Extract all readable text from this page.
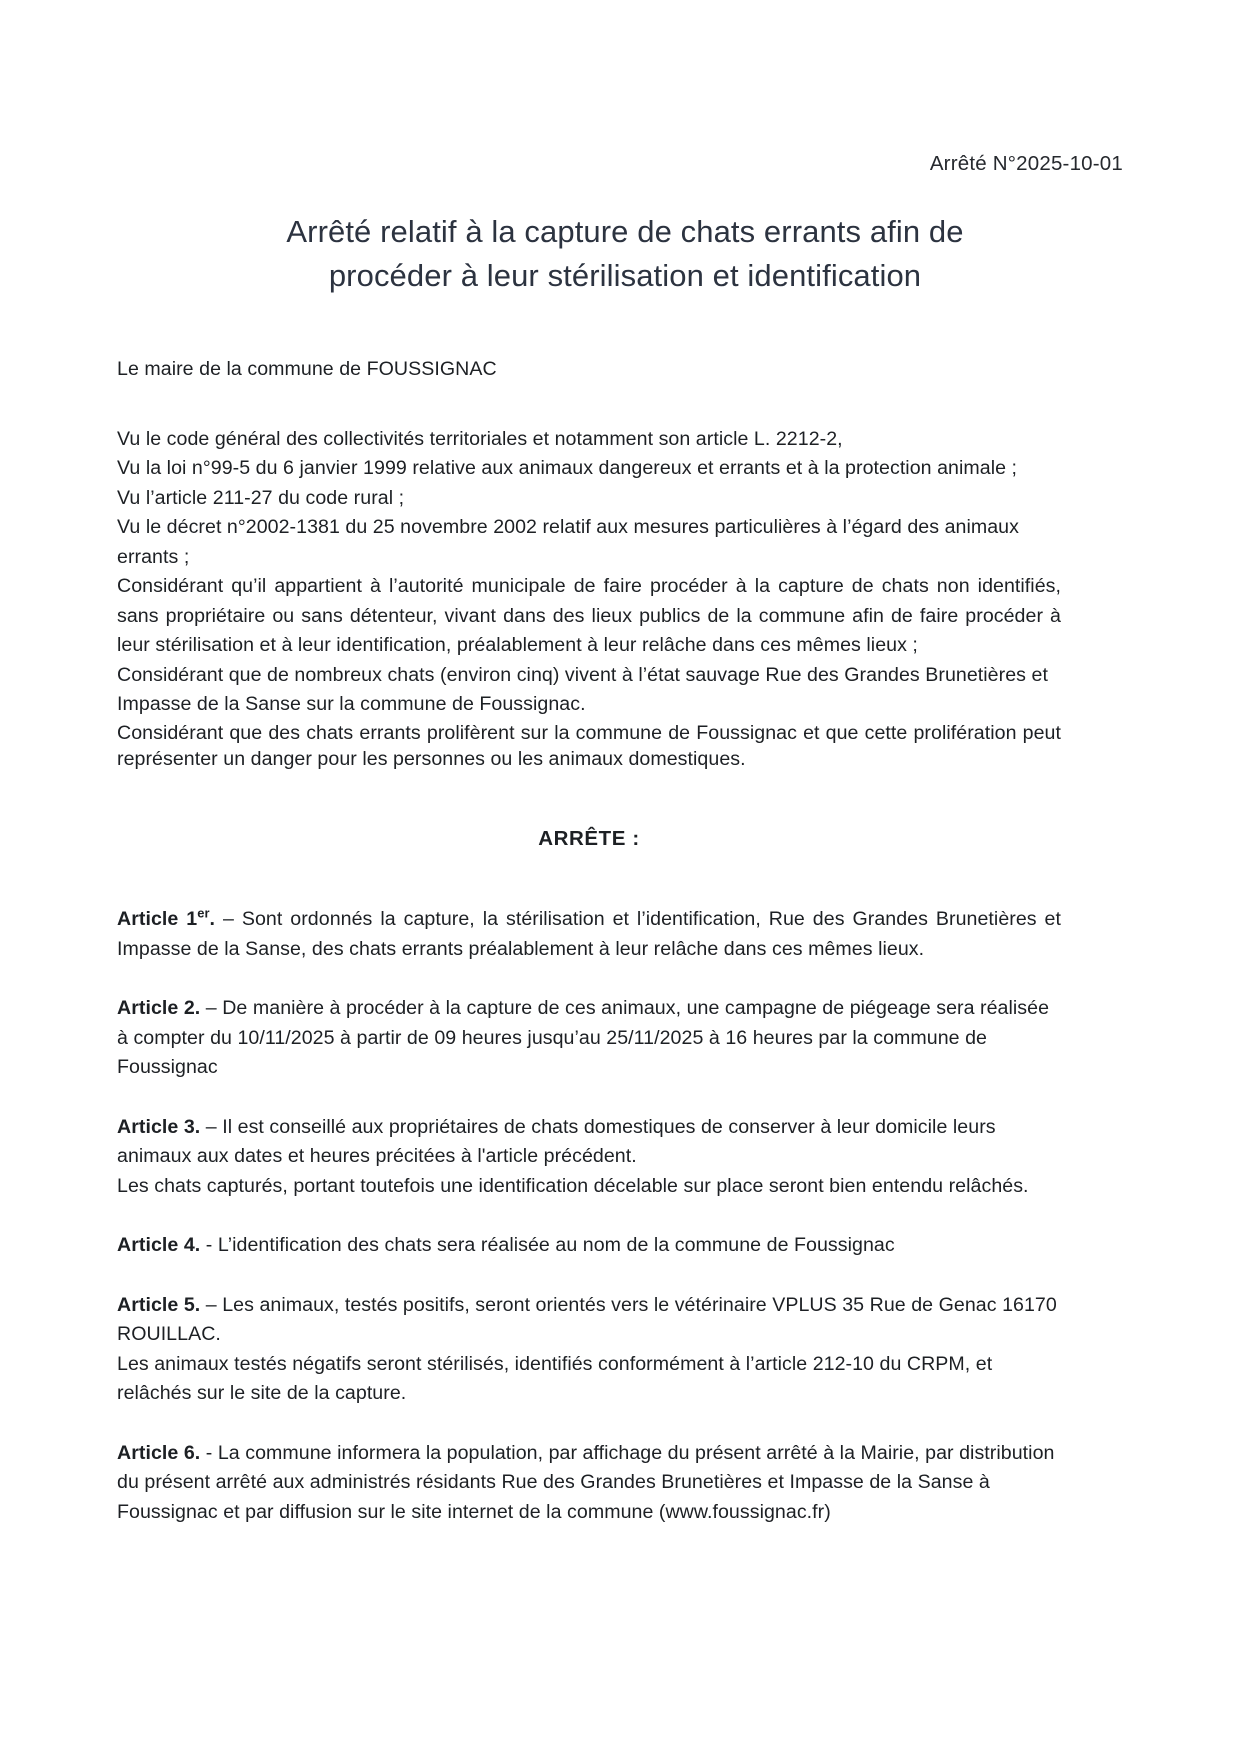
Arrêté N°2025-10-01
Arrêté relatif à la capture de chats errants afin de
procéder à leur stérilisation et identification

Le maire de la commune de FOUSSIGNAC

Vu le code général des collectivités territoriales et notamment son article L. 2212-2,

Vu la loi n°99-5 du 6 janvier 1999 relative aux animaux dangereux et errants et à la protection animale ;

Vu l’article 211-27 du code rural ;

Vu le décret n°2002-1381 du 25 novembre 2002 relatif aux mesures particulières à l’égard des animaux errants ;

Considérant qu’il appartient à l’autorité municipale de faire procéder à la capture de chats non identifiés, sans propriétaire ou sans détenteur, vivant dans des lieux publics de la commune afin de faire procéder à leur stérilisation et à leur identification, préalablement à leur relâche dans ces mêmes lieux ;

Considérant que de nombreux chats (environ cinq) vivent à l’état sauvage Rue des Grandes Brunetières et Impasse de la Sanse sur la commune de Foussignac.

Considérant que des chats errants prolifèrent sur la commune de Foussignac et que cette prolifération peut représenter un danger pour les personnes ou les animaux domestiques.

ARRÊTE :

Article 1er. – Sont ordonnés la capture, la stérilisation et l’identification, Rue des Grandes Brunetières et Impasse de la Sanse, des chats errants préalablement à leur relâche dans ces mêmes lieux.

Article 2. – De manière à procéder à la capture de ces animaux, une campagne de piégeage sera réalisée à compter du 10/11/2025 à partir de 09 heures jusqu’au 25/11/2025 à 16 heures par la commune de Foussignac

Article 3. – Il est conseillé aux propriétaires de chats domestiques de conserver à leur domicile leurs animaux aux dates et heures précitées à l'article précédent.

Les chats capturés, portant toutefois une identification décelable sur place seront bien entendu relâchés.

Article 4. - L’identification des chats sera réalisée au nom de la commune de Foussignac

Article 5. – Les animaux, testés positifs, seront orientés vers le vétérinaire VPLUS 35 Rue de Genac 16170 ROUILLAC.

Les animaux testés négatifs seront stérilisés, identifiés conformément à l’article 212-10 du CRPM, et relâchés sur le site de la capture.

Article 6. - La commune informera la population, par affichage du présent arrêté à la Mairie, par distribution du présent arrêté aux administrés résidants Rue des Grandes Brunetières et Impasse de la Sanse à Foussignac et par diffusion sur le site internet de la commune (www.foussignac.fr)
